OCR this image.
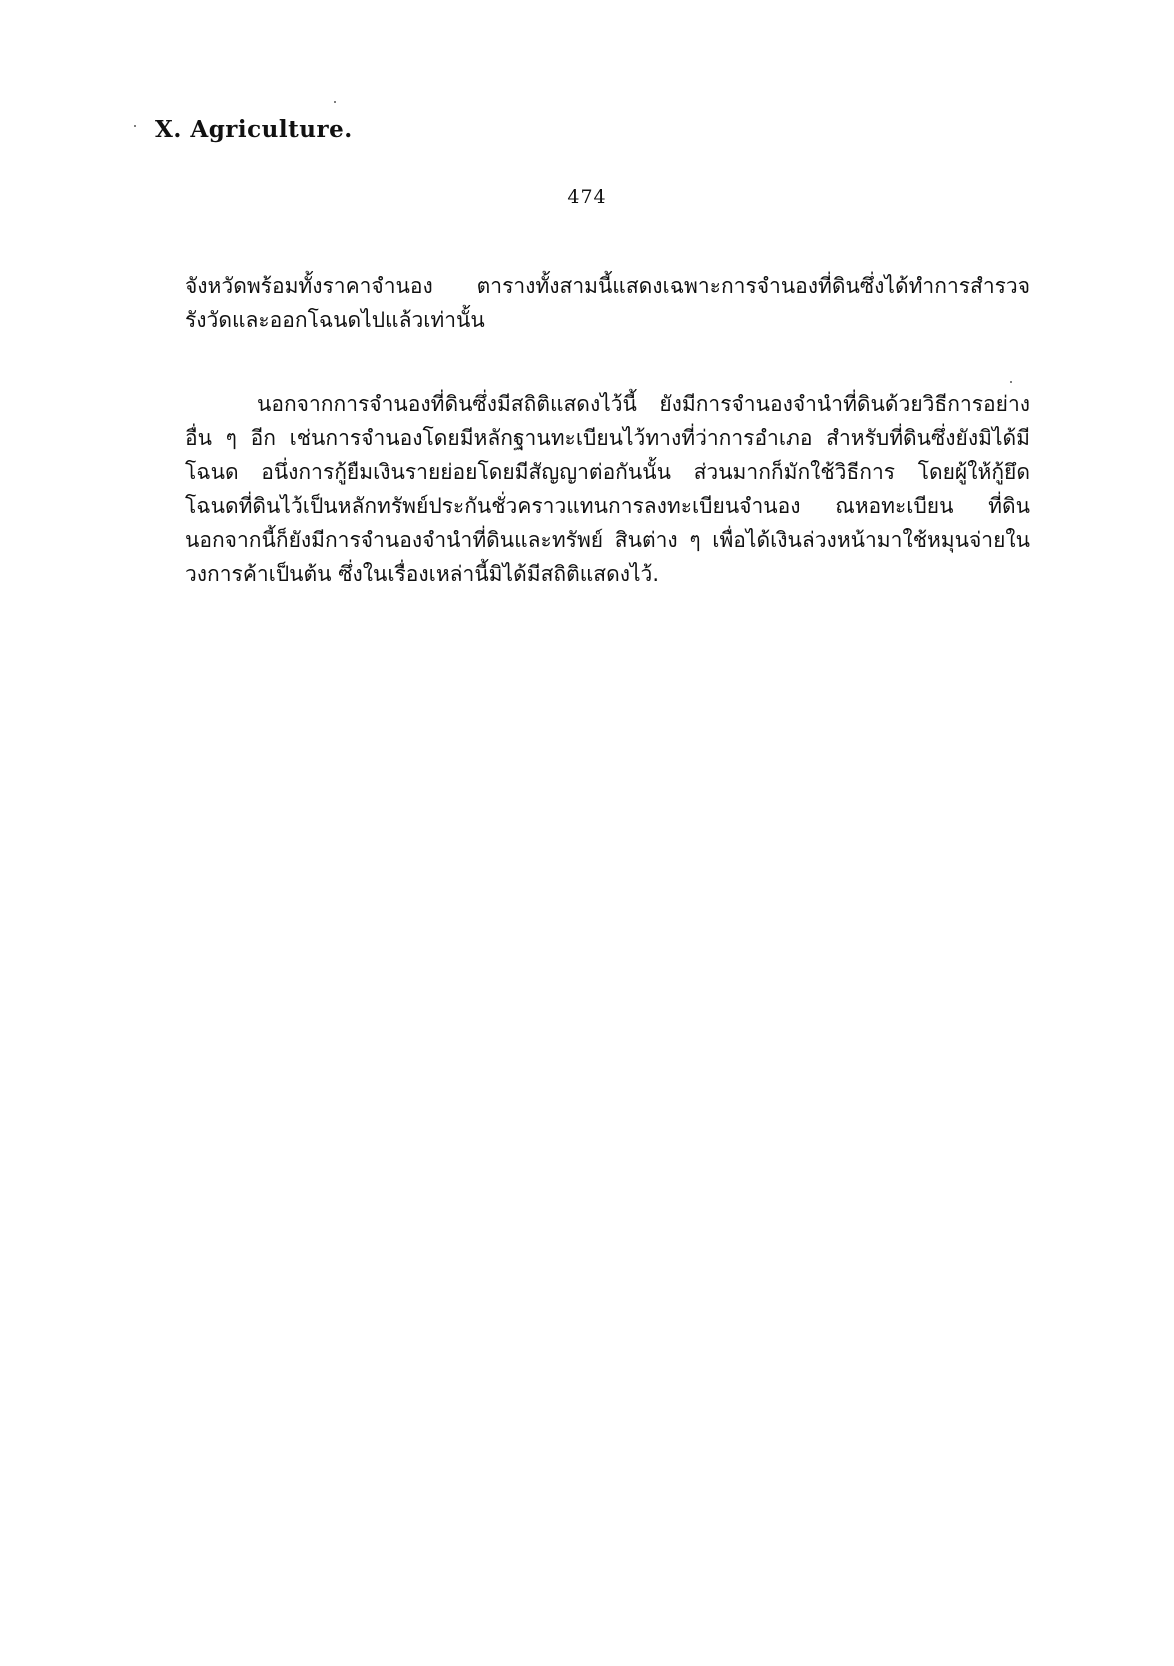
X. Agriculture.
474

จังหวัดพร้อมทั้งราคาจำนอง ตารางทั้งสามนี้แสดงเฉพาะการจำนองที่ดินซึ่งได้ทำการสำรวจรังวัดและออกโฉนดไปแล้วเท่านั้น

นอกจากการจำนองที่ดินซึ่งมีสถิติแสดงไว้นี้ ยังมีการจำนองจำนำที่ดินด้วยวิธีการอย่างอื่น ๆ อีก เช่นการจำนองโดยมีหลักฐานทะเบียนไว้ทางที่ว่าการอำเภอ สำหรับที่ดินซึ่งยังมิได้มีโฉนด อนึ่งการกู้ยืมเงินรายย่อยโดยมีสัญญาต่อกันนั้น ส่วนมากก็มักใช้วิธีการ โดยผู้ให้กู้ยึดโฉนดที่ดินไว้เป็นหลักทรัพย์ประกันชั่วคราวแทนการลงทะเบียนจำนอง ณหอทะเบียน ที่ดิน นอกจากนี้ก็ยังมีการจำนองจำนำที่ดินและทรัพย์ สินต่าง ๆ เพื่อได้เงินล่วงหน้ามาใช้หมุนจ่ายในวงการค้าเป็นต้น ซึ่งในเรื่องเหล่านี้มิได้มีสถิติแสดงไว้.
